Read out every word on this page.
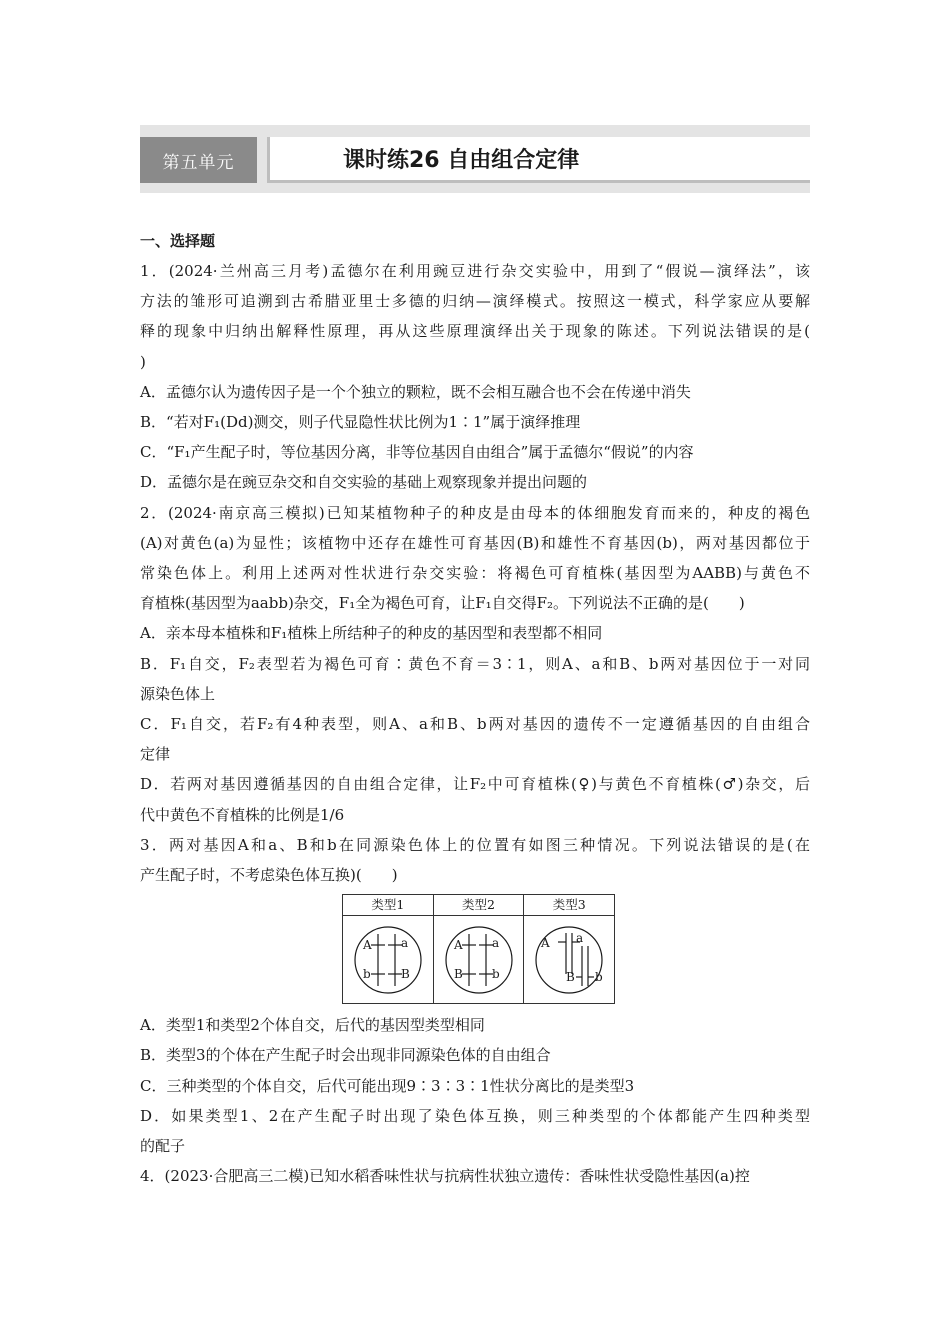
第五单元	课时练26 自由组合定律
一、选择题
1．(2024·兰州高三月考)孟德尔在利用豌豆进行杂交实验中，用到了“假说—演绎法”，该
方法的雏形可追溯到古希腊亚里士多德的归纳—演绎模式。按照这一模式，科学家应从要解
释的现象中归纳出解释性原理，再从这些原理演绎出关于现象的陈述。下列说法错误的是(
)
A．孟德尔认为遗传因子是一个个独立的颗粒，既不会相互融合也不会在传递中消失
B．“若对F₁(Dd)测交，则子代显隐性状比例为1∶1”属于演绎推理
C．“F₁产生配子时，等位基因分离，非等位基因自由组合”属于孟德尔“假说”的内容
D．孟德尔是在豌豆杂交和自交实验的基础上观察现象并提出问题的
2．(2024·南京高三模拟)已知某植物种子的种皮是由母本的体细胞发育而来的，种皮的褐色
(A)对黄色(a)为显性；该植物中还存在雄性可育基因(B)和雄性不育基因(b)，两对基因都位于
常染色体上。利用上述两对性状进行杂交实验：将褐色可育植株(基因型为AABB)与黄色不
育植株(基因型为aabb)杂交，F₁全为褐色可育，让F₁自交得F₂。下列说法不正确的是(　　)
A．亲本母本植株和F₁植株上所结种子的种皮的基因型和表型都不相同
B．F₁自交，F₂表型若为褐色可育∶黄色不育＝3∶1，则A、a和B、b两对基因位于一对同
源染色体上
C．F₁自交，若F₂有4种表型，则A、a和B、b两对基因的遗传不一定遵循基因的自由组合
定律
D．若两对基因遵循基因的自由组合定律，让F₂中可育植株(♀)与黄色不育植株(♂)杂交，后
代中黄色不育植株的比例是1/6
3．两对基因A和a、B和b在同源染色体上的位置有如图三种情况。下列说法错误的是(在
产生配子时，不考虑染色体互换)(　　)
类型1
A a
b	B
类型2
A a
B b
类型3
A a
B b
A．类型1和类型2个体自交，后代的基因型类型相同
B．类型3的个体在产生配子时会出现非同源染色体的自由组合
C．三种类型的个体自交，后代可能出现9∶3∶3∶1性状分离比的是类型3
D．如果类型1、2在产生配子时出现了染色体互换，则三种类型的个体都能产生四种类型
的配子
4．(2023·合肥高三二模)已知水稻香味性状与抗病性状独立遗传：香味性状受隐性基因(a)控
